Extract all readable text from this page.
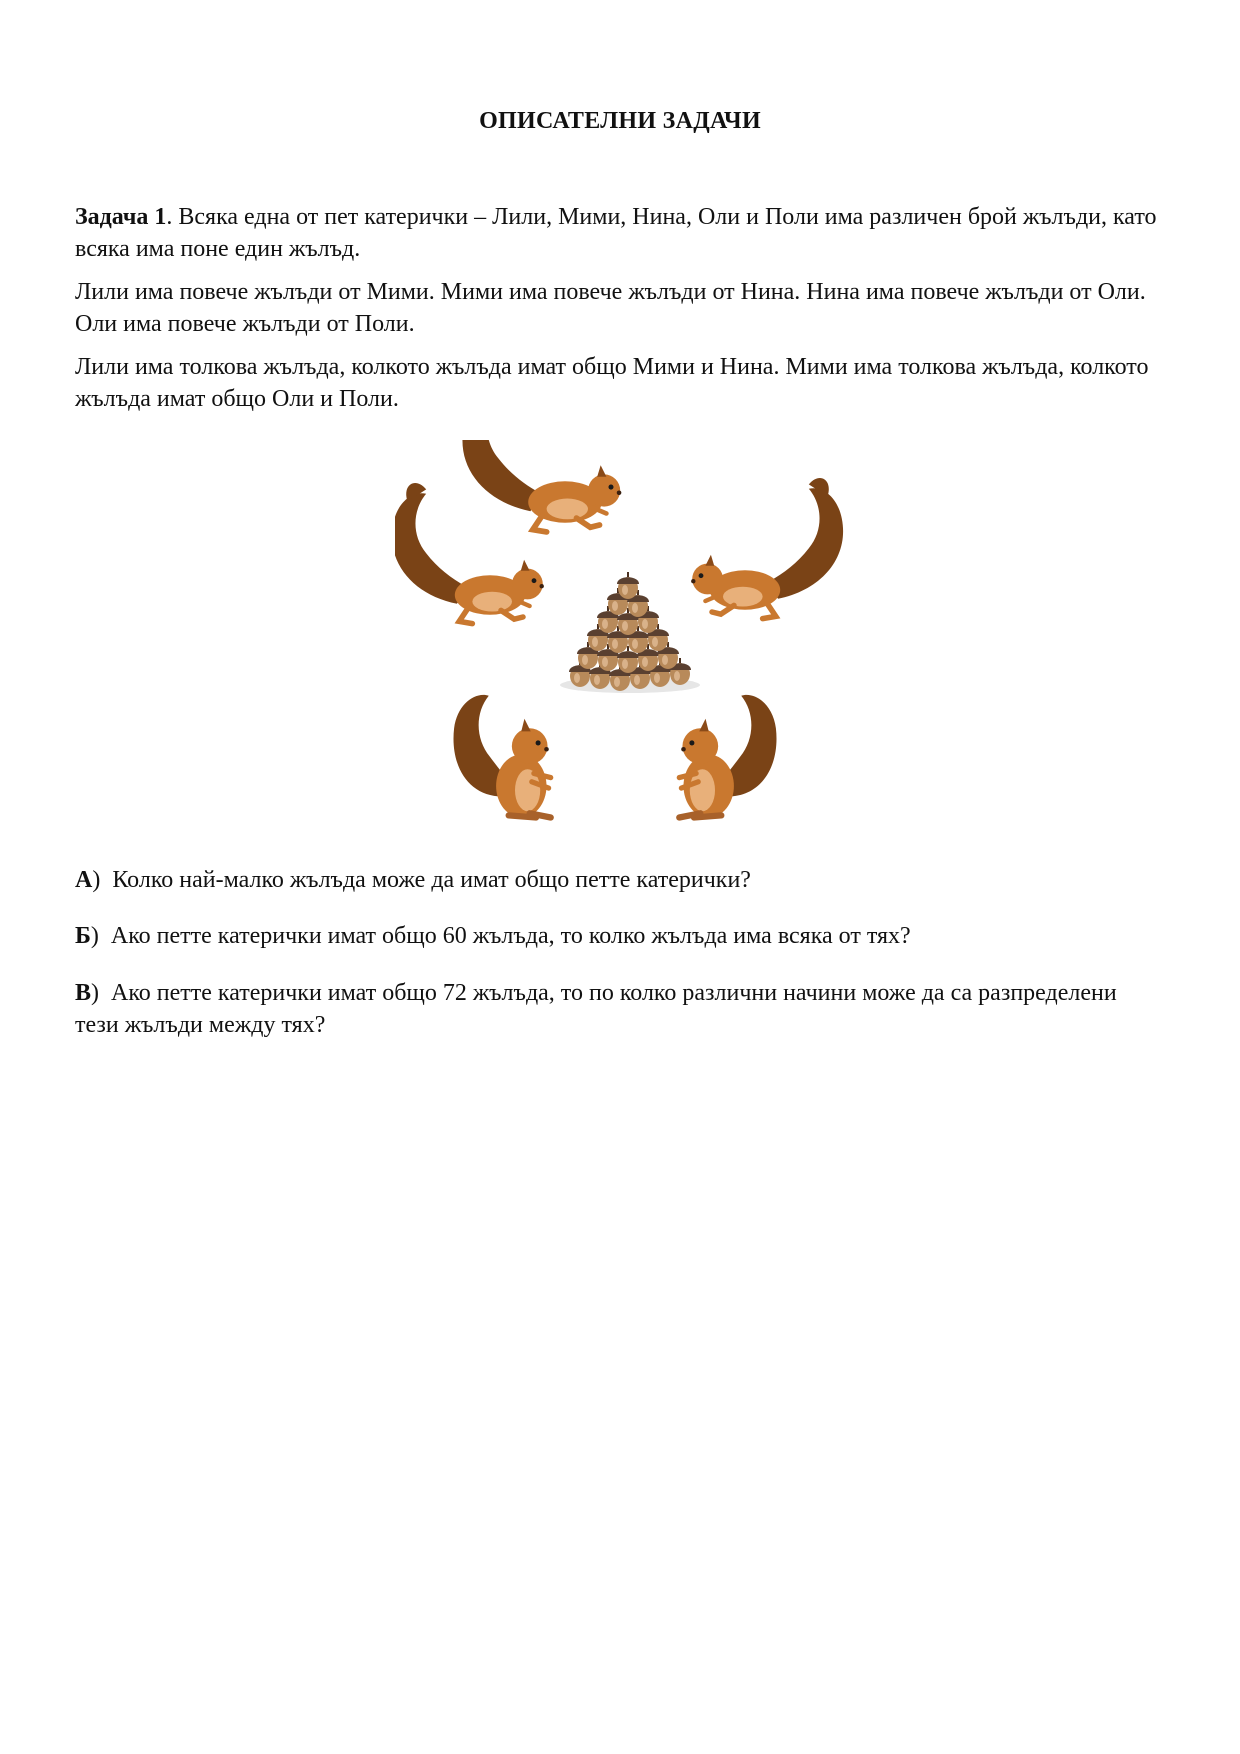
ОПИСАТЕЛНИ ЗАДАЧИ

Задача 1. Всяка една от пет катерички – Лили, Мими, Нина, Оли и Поли има различен брой жълъди, като всяка има поне един жълъд.

Лили има повече жълъди от Мими. Мими има повече жълъди от Нина. Нина има повече жълъди от Оли. Оли има повече жълъди от Поли.

Лили има толкова жълъда, колкото жълъда имат общо Мими и Нина. Мими има толкова жълъда, колкото жълъда имат общо Оли и Поли.

А)  Колко най-малко жълъда може да имат общо петте катерички?

Б)  Ако петте катерички имат общо 60 жълъда, то колко жълъда има всяка от тях?

В)  Ако петте катерички имат общо 72 жълъда, то по колко различни начини може да са разпределени тези жълъди между тях?
